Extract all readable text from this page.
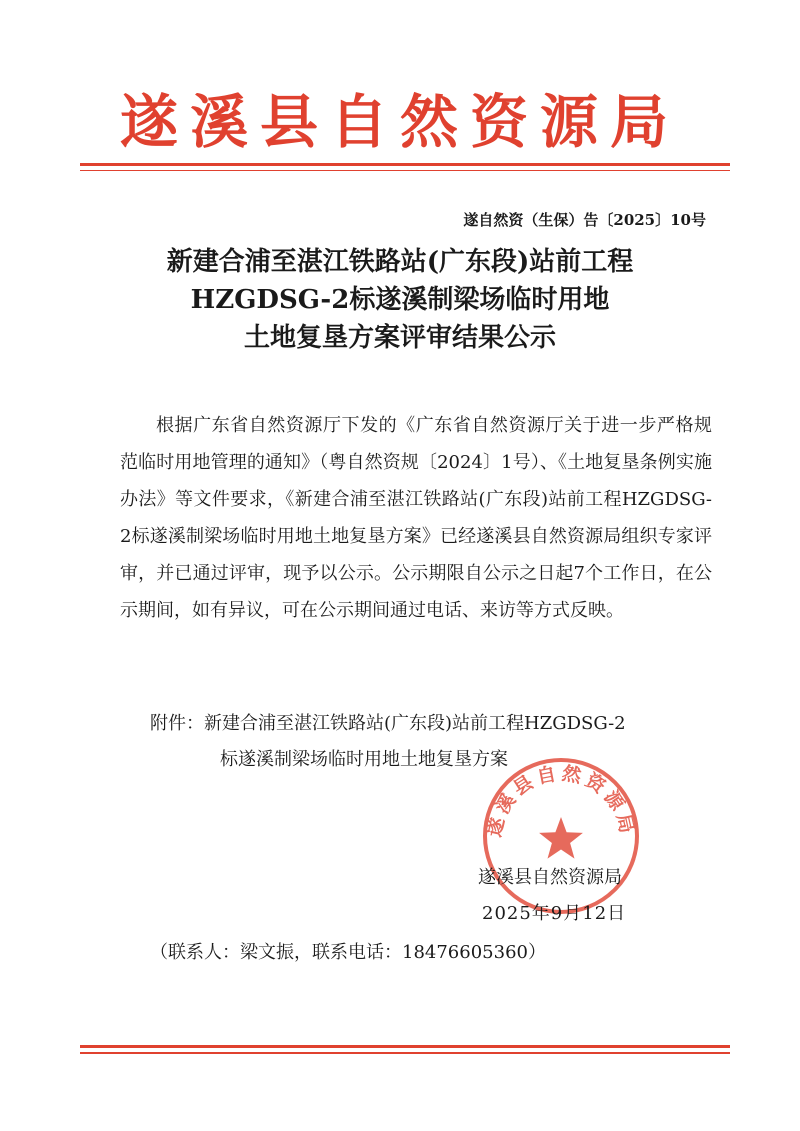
遂溪县自然资源局
遂自然资（生保）告〔2025〕10号
新建合浦至湛江铁路站(广东段)站前工程
HZGDSG-2标遂溪制梁场临时用地
土地复垦方案评审结果公示

根据广东省自然资源厅下发的《广东省自然资源厅关于进一步严格规范临时用地管理的通知》（粤自然资规〔2024〕1号）、《土地复垦条例实施办法》等文件要求，《新建合浦至湛江铁路站(广东段)站前工程HZGDSG-2标遂溪制梁场临时用地土地复垦方案》已经遂溪县自然资源局组织专家评审，并已通过评审，现予以公示。公示期限自公示之日起7个工作日，在公示期间，如有异议，可在公示期间通过电话、来访等方式反映。

附件： 新建合浦至湛江铁路站(广东段)站前工程HZGDSG-2
标遂溪制梁场临时用地土地复垦方案
遂溪县自然资源局
遂溪县自然资源局
2025年9月12日
（联系人：梁文振，联系电话：18476605360）
